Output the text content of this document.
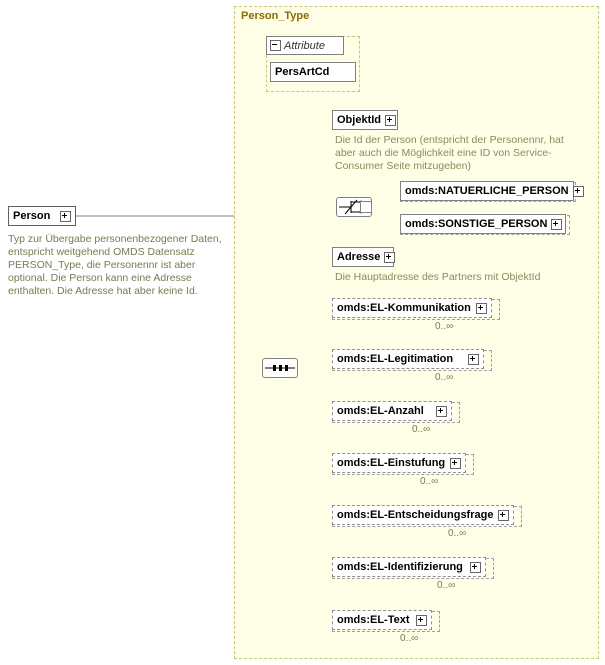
Person_Type
Attribute
PersArtCd
Person
Typ zur Übergabe personenbezogener Daten, entspricht weitgehend OMDS Datensatz PERSON_Type, die Personennr ist aber optional. Die Person kann eine Adresse enthalten. Die Adresse hat aber keine Id.
ObjektId
Die Id der Person (entspricht der Personennr, hat aber auch die Möglichkeit eine ID von Service-Consumer Seite mitzugeben)
omds:NATUERLICHE_PERSON
omds:SONSTIGE_PERSON
Adresse
Die Hauptadresse des Partners mit ObjektId
omds:EL-Kommunikation
0..∞
omds:EL-Legitimation
0..∞
omds:EL-Anzahl
0..∞
omds:EL-Einstufung
0..∞
omds:EL-Entscheidungsfrage
0..∞
omds:EL-Identifizierung
0..∞
omds:EL-Text
0..∞
